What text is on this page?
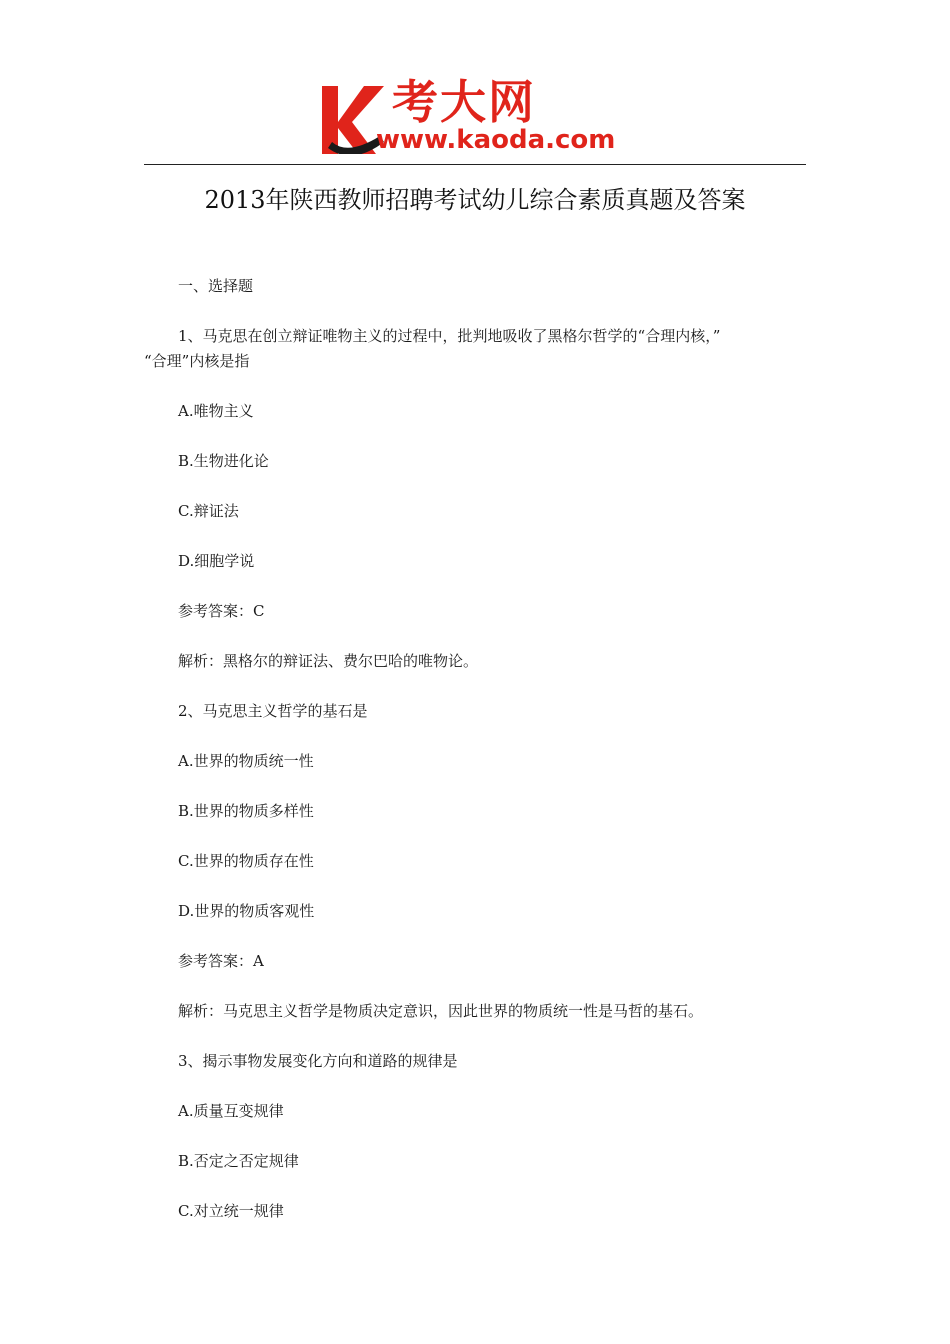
考大网
www.kaoda.com
2013年陕西教师招聘考试幼儿综合素质真题及答案

一、选择题

1、马克思在创立辩证唯物主义的过程中，批判地吸收了黑格尔哲学的“合理内核，”
“合理”内核是指

A.唯物主义

B.生物进化论

C.辩证法

D.细胞学说

参考答案：C

解析：黑格尔的辩证法、费尔巴哈的唯物论。

2、马克思主义哲学的基石是

A.世界的物质统一性

B.世界的物质多样性

C.世界的物质存在性

D.世界的物质客观性

参考答案：A

解析：马克思主义哲学是物质决定意识，因此世界的物质统一性是马哲的基石。

3、揭示事物发展变化方向和道路的规律是

A.质量互变规律

B.否定之否定规律

C.对立统一规律
